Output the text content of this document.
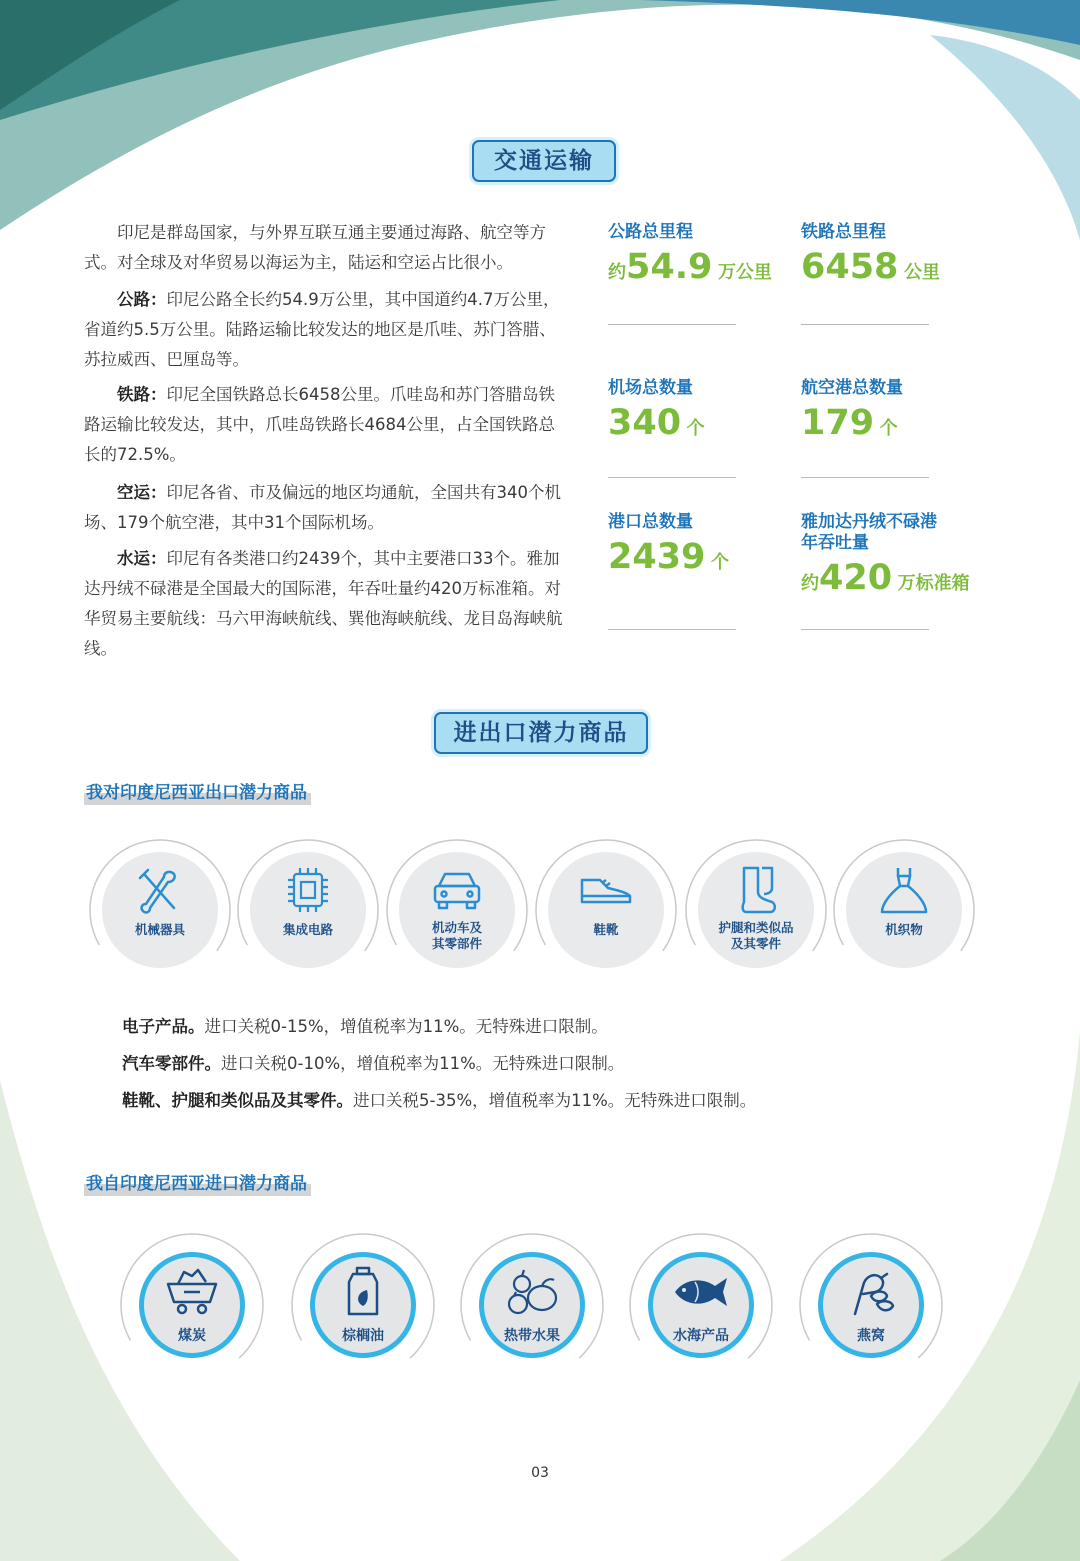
交通运输

印尼是群岛国家，与外界互联互通主要通过海路、航空等方式。对全球及对华贸易以海运为主，陆运和空运占比很小。

公路：印尼公路全长约54.9万公里，其中国道约4.7万公里，省道约5.5万公里。陆路运输比较发达的地区是爪哇、苏门答腊、苏拉威西、巴厘岛等。

铁路：印尼全国铁路总长6458公里。爪哇岛和苏门答腊岛铁路运输比较发达，其中，爪哇岛铁路长4684公里，占全国铁路总长的72.5%。

空运：印尼各省、市及偏远的地区均通航，全国共有340个机场、179个航空港，其中31个国际机场。

水运：印尼有各类港口约2439个，其中主要港口33个。雅加达丹绒不碌港是全国最大的国际港，年吞吐量约420万标准箱。对华贸易主要航线：马六甲海峡航线、巽他海峡航线、龙目岛海峡航线。

公路总里程
约54.9 万公里
铁路总里程
6458 公里
机场总数量
340 个
航空港总数量
179 个
港口总数量
2439 个
雅加达丹绒不碌港
年吞吐量
约420 万标准箱
进出口潜力商品
我对印度尼西亚出口潜力商品
机械器具	集成电路	机动车及
其零部件
鞋靴	护腿和类似品
及其零件
机织物
电子产品。进口关税0-15%，增值税率为11%。无特殊进口限制。
汽车零部件。进口关税0-10%，增值税率为11%。无特殊进口限制。
鞋靴、护腿和类似品及其零件。进口关税5-35%，增值税率为11%。无特殊进口限制。
我自印度尼西亚进口潜力商品
煤炭	棕榈油	热带水果	水海产品	燕窝
03
